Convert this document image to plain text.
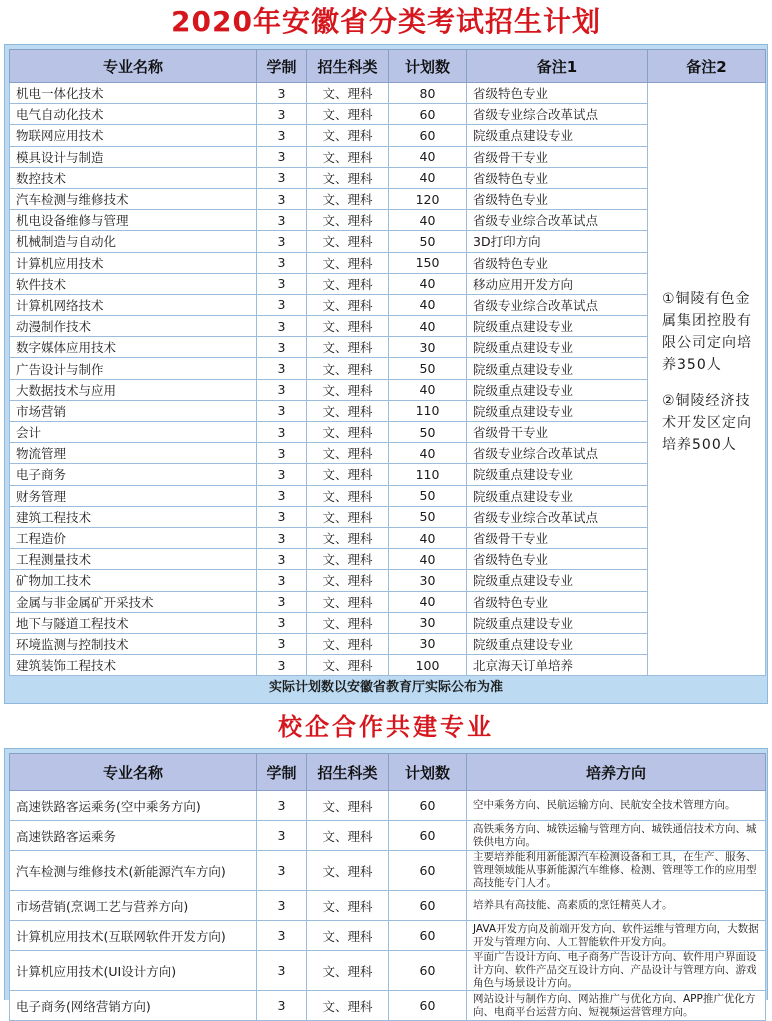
2020年安徽省分类考试招生计划
专业名称	学制	招生科类	计划数	备注1	备注2
机电一体化技术	3	文、理科	80	省级特色专业	①铜陵有色金属集团控股有限公司定向培养350人

②铜陵经济技术开发区定向培养500人

电气自动化技术	3	文、理科	60	省级专业综合改革试点	
物联网应用技术	3	文、理科	60	院级重点建设专业	
模具设计与制造	3	文、理科	40	省级骨干专业	
数控技术	3	文、理科	40	省级特色专业	
汽车检测与维修技术	3	文、理科	120	省级特色专业	
机电设备维修与管理	3	文、理科	40	省级专业综合改革试点	
机械制造与自动化	3	文、理科	50	3D打印方向	
计算机应用技术	3	文、理科	150	省级特色专业	
软件技术	3	文、理科	40	移动应用开发方向	
计算机网络技术	3	文、理科	40	省级专业综合改革试点	
动漫制作技术	3	文、理科	40	院级重点建设专业	
数字媒体应用技术	3	文、理科	30	院级重点建设专业	
广告设计与制作	3	文、理科	50	院级重点建设专业	
大数据技术与应用	3	文、理科	40	院级重点建设专业	
市场营销	3	文、理科	110	院级重点建设专业	
会计	3	文、理科	50	省级骨干专业	
物流管理	3	文、理科	40	省级专业综合改革试点	
电子商务	3	文、理科	110	院级重点建设专业	
财务管理	3	文、理科	50	院级重点建设专业	
建筑工程技术	3	文、理科	50	省级专业综合改革试点	
工程造价	3	文、理科	40	省级骨干专业	
工程测量技术	3	文、理科	40	省级特色专业	
矿物加工技术	3	文、理科	30	院级重点建设专业	
金属与非金属矿开采技术	3	文、理科	40	省级特色专业	
地下与隧道工程技术	3	文、理科	30	院级重点建设专业	
环境监测与控制技术	3	文、理科	30	院级重点建设专业	
建筑装饰工程技术	3	文、理科	100	北京海天订单培养	
实际计划数以安徽省教育厅实际公布为准
校企合作共建专业
专业名称	学制	招生科类	计划数	培养方向
高速铁路客运乘务(空中乘务方向)	3	文、理科	60	空中乘务方向、民航运输方向、民航安全技术管理方向。
高速铁路客运乘务	3	文、理科	60	高铁乘务方向、城铁运输与管理方向、城铁通信技术方向、城铁供电方向。
汽车检测与维修技术(新能源汽车方向)	3	文、理科	60	主要培养能利用新能源汽车检测设备和工具，在生产、服务、管理领域能从事新能源汽车维修、检测、管理等工作的应用型高技能专门人才。
市场营销(烹调工艺与营养方向)	3	文、理科	60	培养具有高技能、高素质的烹饪精英人才。
计算机应用技术(互联网软件开发方向)	3	文、理科	60	JAVA开发方向及前端开发方向、软件运维与管理方向，大数据开发与管理方向、人工智能软件开发方向。
计算机应用技术(UI设计方向)	3	文、理科	60	平面广告设计方向、电子商务广告设计方向、软件用户界面设计方向、软件产品交互设计方向、产品设计与管理方向、游戏角色与场景设计方向。
电子商务(网络营销方向)	3	文、理科	60	网站设计与制作方向、网站推广与优化方向、APP推广优化方向、电商平台运营方向、短视频运营管理方向。
